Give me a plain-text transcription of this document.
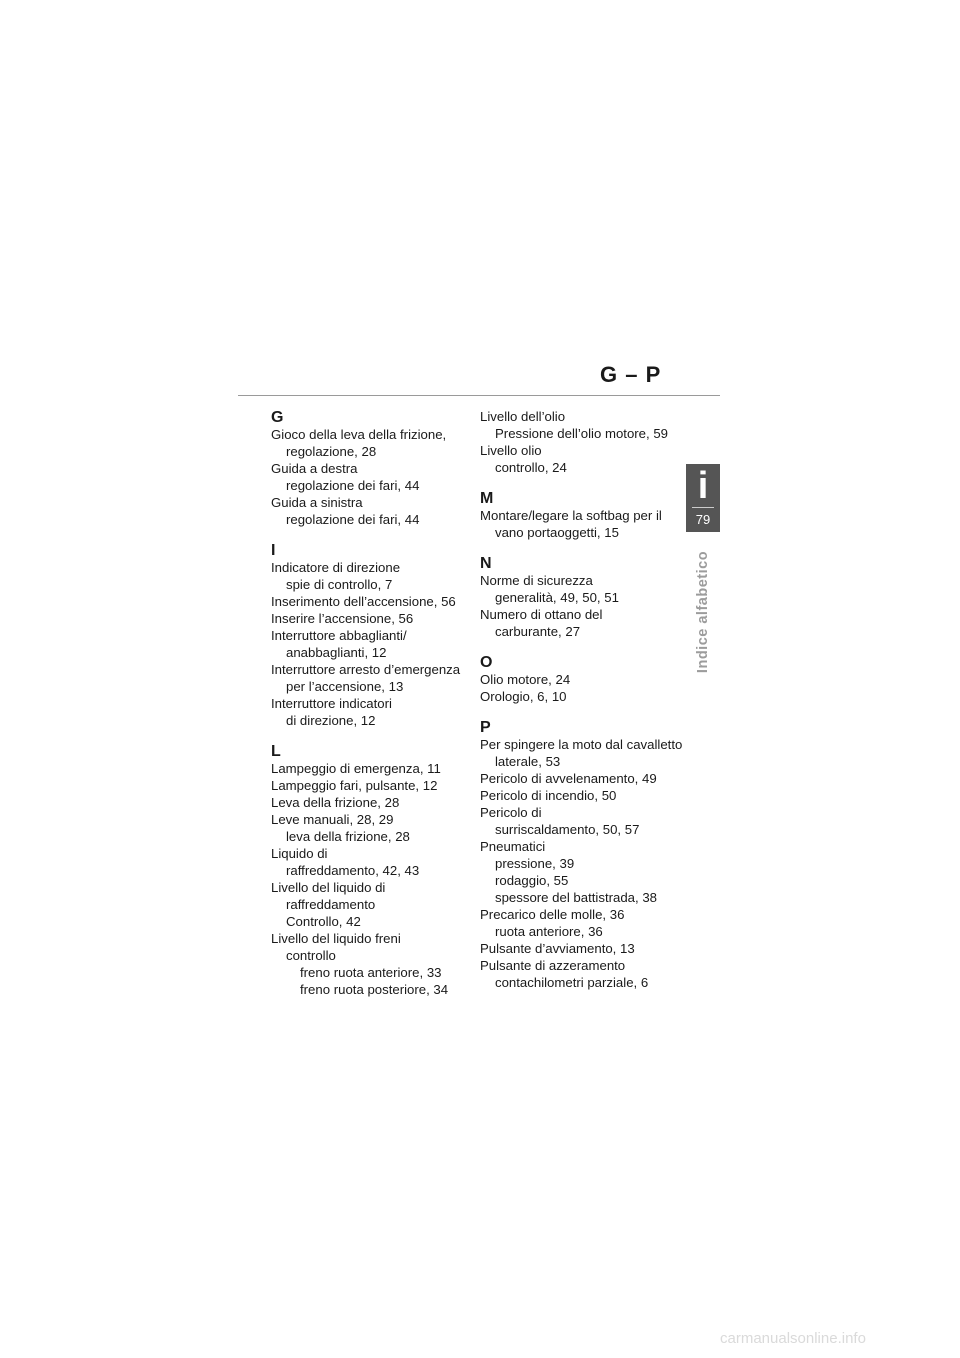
G – P
i
79
Indice alfabetico
G
Gioco della leva della frizione,
regolazione, 28
Guida a destra
regolazione dei fari, 44
Guida a sinistra
regolazione dei fari, 44
I
Indicatore di direzione
spie di controllo, 7
Inserimento dell’accensione, 56
Inserire l’accensione, 56
Interruttore abbaglianti/
anabbaglianti, 12
Interruttore arresto d’emergenza
per l’accensione, 13
Interruttore indicatori
di direzione, 12
L
Lampeggio di emergenza, 11
Lampeggio fari, pulsante, 12
Leva della frizione, 28
Leve manuali, 28, 29
leva della frizione, 28
Liquido di
raffreddamento, 42, 43
Livello del liquido di
raffreddamento
Controllo, 42
Livello del liquido freni
controllo
freno ruota anteriore, 33
freno ruota posteriore, 34
Livello dell’olio
Pressione dell’olio motore, 59
Livello olio
controllo, 24
M
Montare/legare la softbag per il
vano portaoggetti, 15
N
Norme di sicurezza
generalità, 49, 50, 51
Numero di ottano del
carburante, 27
O
Olio motore, 24
Orologio, 6, 10
P
Per spingere la moto dal cavalletto
laterale, 53
Pericolo di avvelenamento, 49
Pericolo di incendio, 50
Pericolo di
surriscaldamento, 50, 57
Pneumatici
pressione, 39
rodaggio, 55
spessore del battistrada, 38
Precarico delle molle, 36
ruota anteriore, 36
Pulsante d’avviamento, 13
Pulsante di azzeramento
contachilometri parziale, 6
carmanualsonline.info
